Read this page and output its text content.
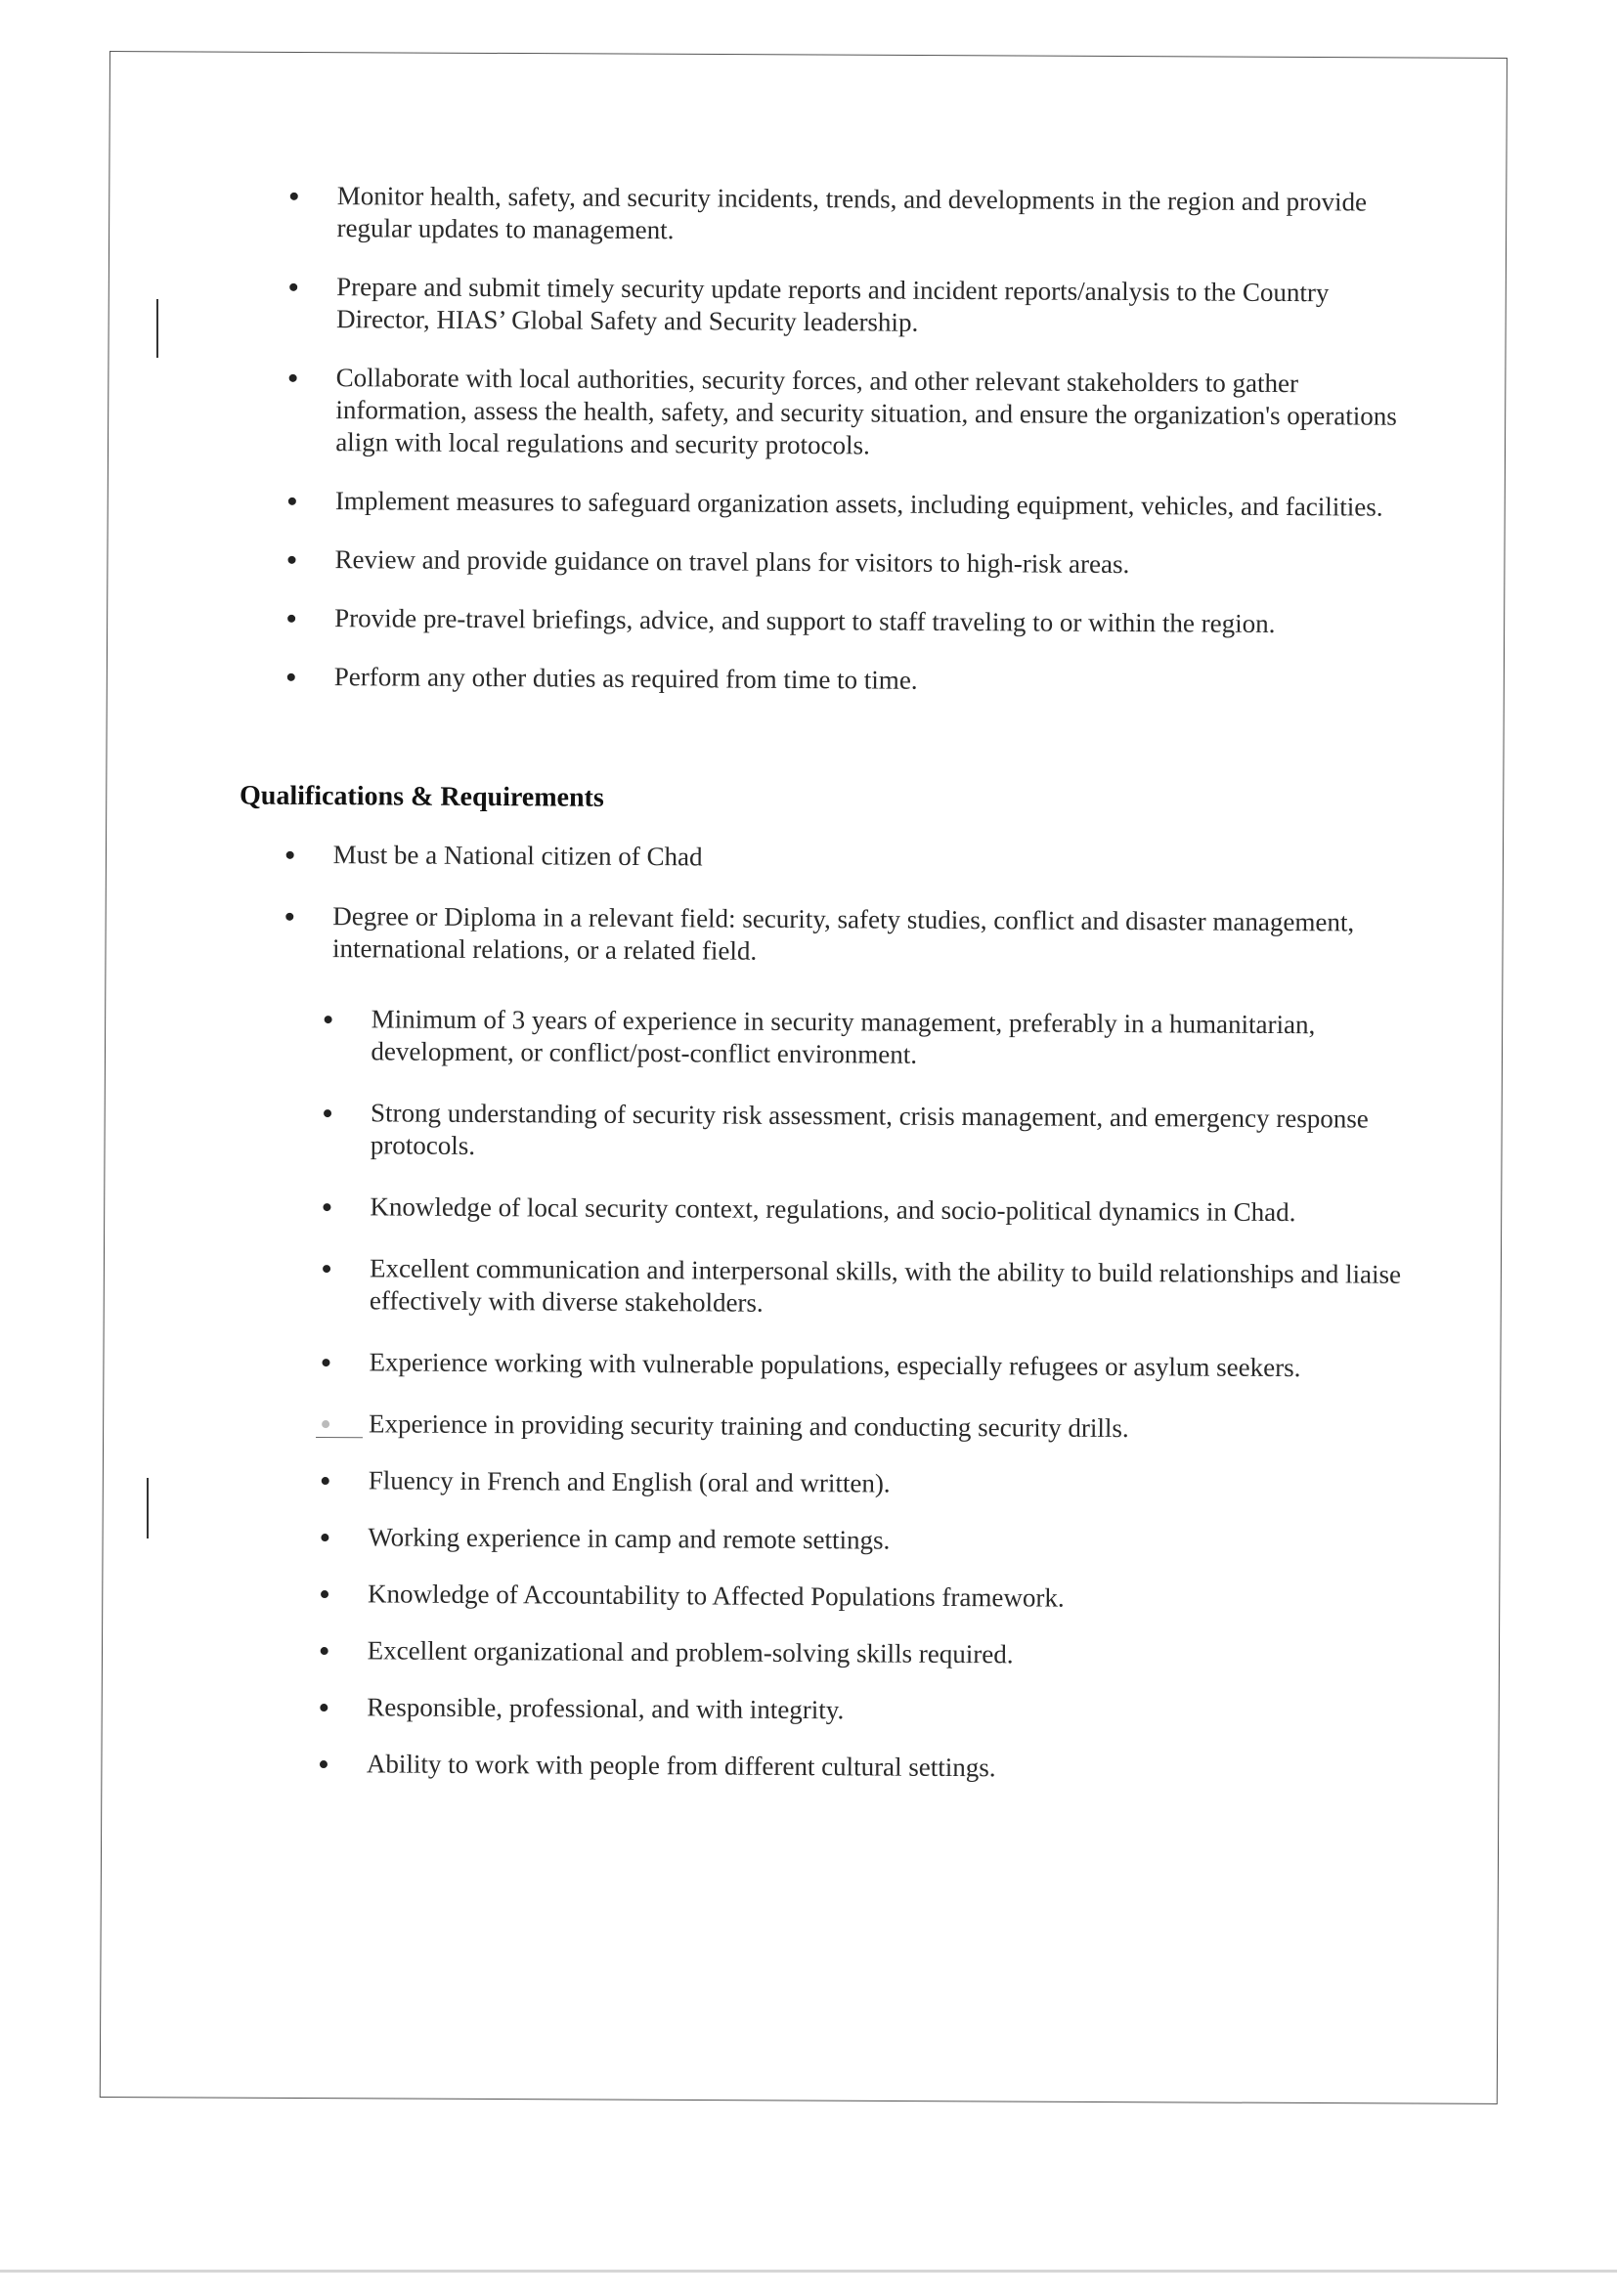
Monitor health, safety, and security incidents, trends, and developments in the region and provide regular updates to management.
Prepare and submit timely security update reports and incident reports/analysis to the Country Director, HIAS’ Global Safety and Security leadership.
Collaborate with local authorities, security forces, and other relevant stakeholders to gather information, assess the health, safety, and security situation, and ensure the organization's operations align with local regulations and security protocols.
Implement measures to safeguard organization assets, including equipment, vehicles, and facilities.
Review and provide guidance on travel plans for visitors to high-risk areas.
Provide pre-travel briefings, advice, and support to staff traveling to or within the region.
Perform any other duties as required from time to time.
Qualifications & Requirements
Must be a National citizen of Chad
Degree or Diploma in a relevant field: security, safety studies, conflict and disaster management, international relations, or a related field.
Minimum of 3 years of experience in security management, preferably in a humanitarian, development, or conflict/post-conflict environment.
Strong understanding of security risk assessment, crisis management, and emergency response protocols.
Knowledge of local security context, regulations, and socio-political dynamics in Chad.
Excellent communication and interpersonal skills, with the ability to build relationships and liaise effectively with diverse stakeholders.
Experience working with vulnerable populations, especially refugees or asylum seekers.
Experience in providing security training and conducting security drills.
Fluency in French and English (oral and written).
Working experience in camp and remote settings.
Knowledge of Accountability to Affected Populations framework.
Excellent organizational and problem-solving skills required.
Responsible, professional, and with integrity.
Ability to work with people from different cultural settings.
